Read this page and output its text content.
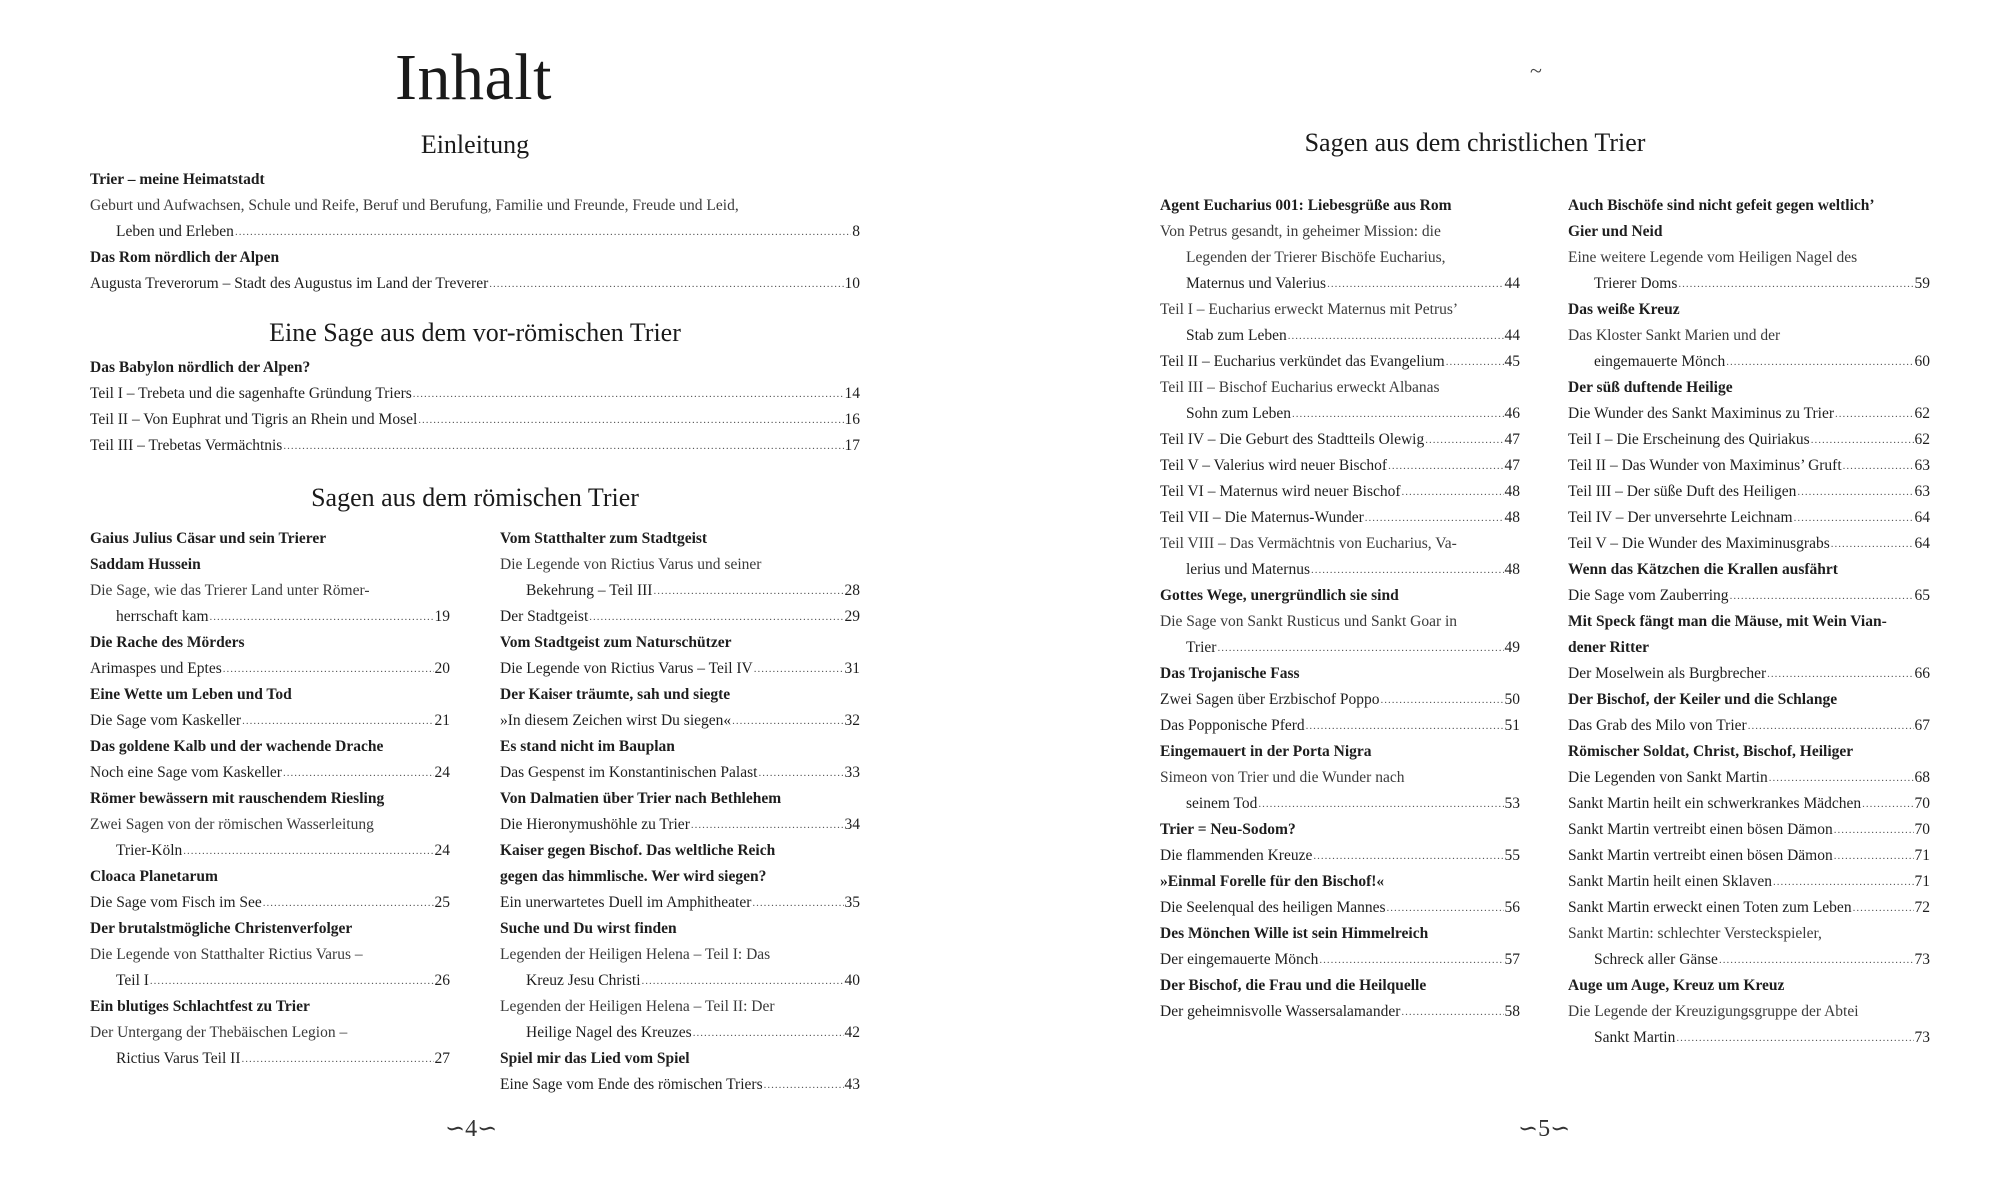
Inhalt
Einleitung
Trier – meine Heimatstadt
Geburt und Aufwachsen, Schule und Reife, Beruf und Berufung, Familie und Freunde, Freude und Leid,
Leben und Erleben .....	8
Das Rom nördlich der Alpen
Augusta Treverorum – Stadt des Augustus im Land der Treverer .....	10
Eine Sage aus dem vor-römischen Trier
Das Babylon nördlich der Alpen?
Teil I – Trebeta und die sagenhafte Gründung Triers .....	14
Teil II – Von Euphrat und Tigris an Rhein und Mosel .....	16
Teil III – Trebetas Vermächtnis .....	17
Sagen aus dem römischen Trier
Gaius Julius Cäsar und sein Trierer
Saddam Hussein
Die Sage, wie das Trierer Land unter Römer-
herrschaft kam .....	19
Die Rache des Mörders
Arimaspes und Eptes .....	20
Eine Wette um Leben und Tod
Die Sage vom Kaskeller .....	21
Das goldene Kalb und der wachende Drache
Noch eine Sage vom Kaskeller .....	24
Römer bewässern mit rauschendem Riesling
Zwei Sagen von der römischen Wasserleitung
Trier-Köln .....	24
Cloaca Planetarum
Die Sage vom Fisch im See .....	25
Der brutalstmögliche Christenverfolger
Die Legende von Statthalter Rictius Varus –
Teil I .....	26
Ein blutiges Schlachtfest zu Trier
Der Untergang der Thebäischen Legion –
Rictius Varus Teil II .....	27
Vom Statthalter zum Stadtgeist
Die Legende von Rictius Varus und seiner
Bekehrung – Teil III .....	28
Der Stadtgeist .....	29
Vom Stadtgeist zum Naturschützer
Die Legende von Rictius Varus – Teil IV .....	31
Der Kaiser träumte, sah und siegte
»In diesem Zeichen wirst Du siegen« .....	32
Es stand nicht im Bauplan
Das Gespenst im Konstantinischen Palast .....	33
Von Dalmatien über Trier nach Bethlehem
Die Hieronymushöhle zu Trier .....	34
Kaiser gegen Bischof. Das weltliche Reich
gegen das himmlische. Wer wird siegen?
Ein unerwartetes Duell im Amphitheater .....	35
Suche und Du wirst finden
Legenden der Heiligen Helena – Teil I: Das
Kreuz Jesu Christi .....	40
Legenden der Heiligen Helena – Teil II: Der
Heilige Nagel des Kreuzes .....	42
Spiel mir das Lied vom Spiel
Eine Sage vom Ende des römischen Triers .....	43
∽4∽
~
Sagen aus dem christlichen Trier
Agent Eucharius 001: Liebesgrüße aus Rom
Von Petrus gesandt, in geheimer Mission: die
Legenden der Trierer Bischöfe Eucharius,
Maternus und Valerius .....	44
Teil I – Eucharius erweckt Maternus mit Petrus’
Stab zum Leben .....	44
Teil II – Eucharius verkündet das Evangelium .....	45
Teil III – Bischof Eucharius erweckt Albanas
Sohn zum Leben .....	46
Teil IV – Die Geburt des Stadtteils Olewig .....	47
Teil V – Valerius wird neuer Bischof .....	47
Teil VI – Maternus wird neuer Bischof .....	48
Teil VII – Die Maternus-Wunder .....	48
Teil VIII – Das Vermächtnis von Eucharius, Va-
lerius und Maternus .....	48
Gottes Wege, unergründlich sie sind
Die Sage von Sankt Rusticus und Sankt Goar in
Trier .....	49
Das Trojanische Fass
Zwei Sagen über Erzbischof Poppo .....	50
Das Popponische Pferd .....	51
Eingemauert in der Porta Nigra
Simeon von Trier und die Wunder nach
seinem Tod .....	53
Trier = Neu-Sodom?
Die flammenden Kreuze .....	55
»Einmal Forelle für den Bischof!«
Die Seelenqual des heiligen Mannes .....	56
Des Mönchen Wille ist sein Himmelreich
Der eingemauerte Mönch .....	57
Der Bischof, die Frau und die Heilquelle
Der geheimnisvolle Wassersalamander .....	58
Auch Bischöfe sind nicht gefeit gegen weltlich’
Gier und Neid
Eine weitere Legende vom Heiligen Nagel des
Trierer Doms .....	59
Das weiße Kreuz
Das Kloster Sankt Marien und der
eingemauerte Mönch .....	60
Der süß duftende Heilige
Die Wunder des Sankt Maximinus zu Trier .....	62
Teil I – Die Erscheinung des Quiriakus .....	62
Teil II – Das Wunder von Maximinus’ Gruft .....	63
Teil III – Der süße Duft des Heiligen .....	63
Teil IV – Der unversehrte Leichnam .....	64
Teil V – Die Wunder des Maximinusgrabs .....	64
Wenn das Kätzchen die Krallen ausfährt
Die Sage vom Zauberring .....	65
Mit Speck fängt man die Mäuse, mit Wein Vian-
dener Ritter
Der Moselwein als Burgbrecher .....	66
Der Bischof, der Keiler und die Schlange
Das Grab des Milo von Trier .....	67
Römischer Soldat, Christ, Bischof, Heiliger
Die Legenden von Sankt Martin .....	68
Sankt Martin heilt ein schwerkrankes Mädchen .....	70
Sankt Martin vertreibt einen bösen Dämon .....	70
Sankt Martin vertreibt einen bösen Dämon .....	71
Sankt Martin heilt einen Sklaven .....	71
Sankt Martin erweckt einen Toten zum Leben .....	72
Sankt Martin: schlechter Versteckspieler,
Schreck aller Gänse .....	73
Auge um Auge, Kreuz um Kreuz
Die Legende der Kreuzigungsgruppe der Abtei
Sankt Martin .....	73
∽5∽
